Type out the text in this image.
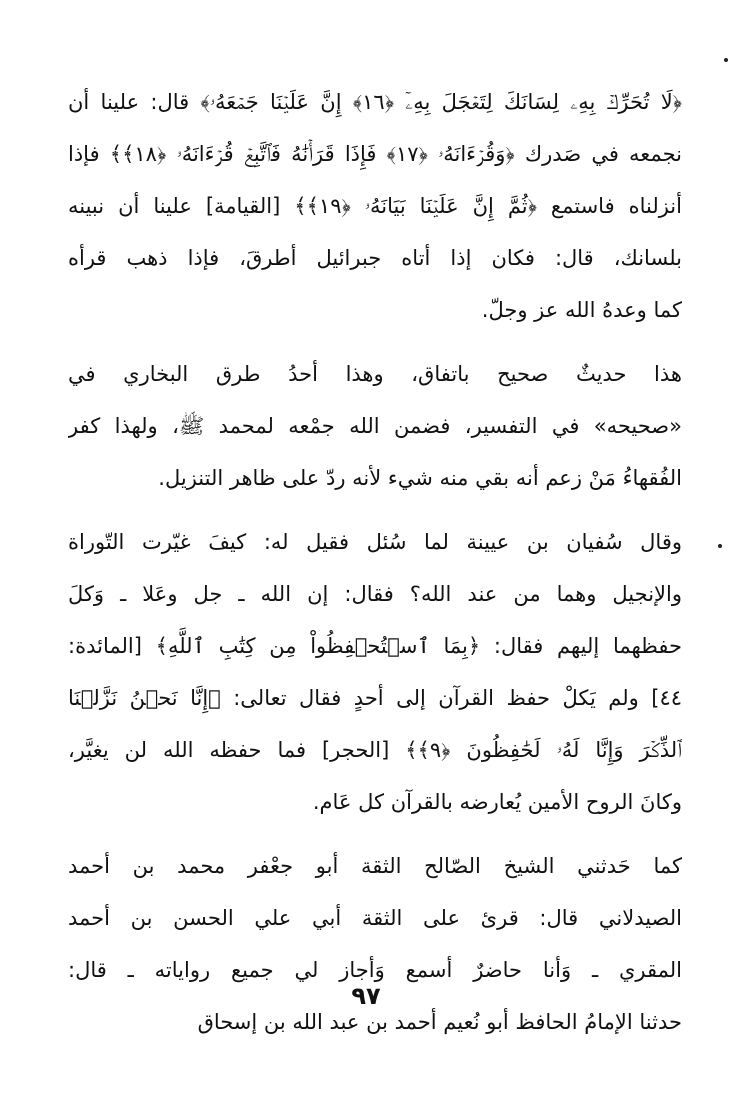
﴿لَا تُحَرِّكۡ بِهِۦ لِسَانَكَ لِتَعۡجَلَ بِهِۦٓ ﴿١٦﴾ إِنَّ عَلَيۡنَا جَمۡعَهُۥ﴾ قال: علينا أن
نجمعه في صَدرك ﴿وَقُرۡءَانَهُۥ ﴿١٧﴾ فَإِذَا قَرَأۡنَٰهُ فَٱتَّبِعۡ قُرۡءَانَهُۥ ﴿١٨﴾﴾ فإذا
أنزلناه فاستمع ﴿ثُمَّ إِنَّ عَلَيۡنَا بَيَانَهُۥ ﴿١٩﴾﴾ [القيامة] علينا أن نبينه
بلسانك، قال: فكان إذا أتاه جبرائيل أطرقَ، فإذا ذهب قرأه
كما وعدهُ الله عز وجلّ.
هذا حديثٌ صحيح باتفاق، وهذا أحدُ طرق البخاري في
«صحيحه» في التفسير، فضمن الله جمْعه لمحمد ﷺ، ولهذا كفر
الفُقهاءُ مَنْ زعم أنه بقي منه شيء لأنه ردّ على ظاهر التنزيل.
وقال سُفيان بن عيينة لما سُئل فقيل له: كيفَ غيّرت التّوراة
والإنجيل وهما من عند الله؟ فقال: إن الله ـ جل وعَلا ـ وَكلَ
حفظهما إليهم فقال: ﴿بِمَا ٱسۡتُحۡفِظُواْ مِن كِتَٰبِ ٱللَّهِ﴾ [المائدة:
٤٤] ولم يَكلْ حفظ القرآن إلى أحدٍ فقال تعالى: ﴿إِنَّا نَحۡنُ نَزَّلۡنَا
ٱلذِّكۡرَ وَإِنَّا لَهُۥ لَحَٰفِظُونَ ﴿٩﴾﴾ [الحجر] فما حفظه الله لن يغيَّر،
وكانَ الروح الأمين يُعارضه بالقرآن كل عَام.
كما حَدثني الشيخ الصّالح الثقة أبو جعْفر محمد بن أحمد
الصيدلاني قال: قرئ على الثقة أبي علي الحسن بن أحمد
المقري ـ وَأنا حاضرٌ أسمع وَأجاز لي جميع رواياته ـ قال:
حدثنا الإمامُ الحافظ أبو نُعيم أحمد بن عبد الله بن إسحاق
٩٧
